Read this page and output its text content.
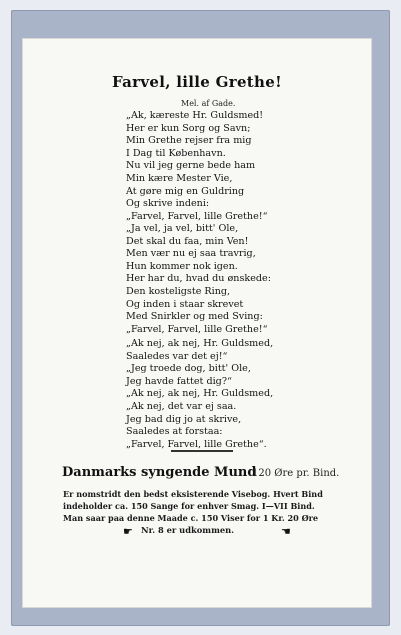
Farvel, lille Grethe!
Mel. af Gade.
„Ak, kæreste Hr. Guldsmed!
Her er kun Sorg og Savn;
Min Grethe rejser fra mig
I Dag til København.
Nu vil jeg gerne bede ham
Min kære Mester Vie,
At gøre mig en Guldring
Og skrive indeni:
„Farvel, Farvel, lille Grethe!“
„Ja vel, ja vel, bitt' Ole,
Det skal du faa, min Ven!
Men vær nu ej saa travrig,
Hun kommer nok igen.
Her har du, hvad du ønskede:
Den kosteligste Ring,
Og inden i staar skrevet
Med Snirkler og med Sving:
„Farvel, Farvel, lille Grethe!“
„Ak nej, ak nej, Hr. Guldsmed,
Saaledes var det ej!“
„Jeg troede dog, bitt' Ole,
Jeg havde fattet dig?“
„Ak nej, ak nej, Hr. Guldsmed,
„Ak nej, det var ej saa.
Jeg bad dig jo at skrive,
Saaledes at forstaa:
„Farvel, Farvel, lille Grethe“.
Danmarks syngende Mund
120 Øre pr. Bind.
Er nomstridt den bedst eksisterende Visebog. Hvert Bind
indeholder ca. 150 Sange for enhver Smag. I—VII Bind.
Man saar paa denne Maade c. 150 Viser for 1 Kr. 20 Øre
☛ Nr. 8 er udkommen.	☚
